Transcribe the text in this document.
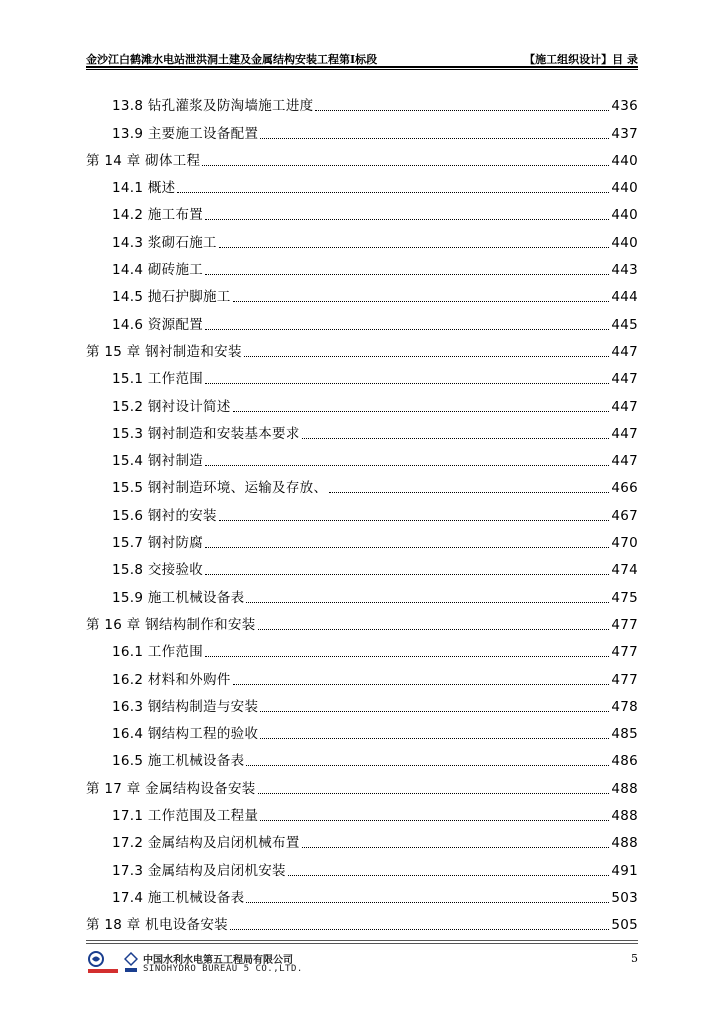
金沙江白鹤滩水电站泄洪洞土建及金属结构安装工程第Ⅰ标段	【施工组织设计】目 录
13.8 钻孔灌浆及防淘墙施工进度	436
13.9 主要施工设备配置	437
第 14 章 砌体工程	440
14.1 概述	440
14.2 施工布置	440
14.3 浆砌石施工	440
14.4 砌砖施工	443
14.5 抛石护脚施工	444
14.6 资源配置	445
第 15 章 钢衬制造和安装	447
15.1 工作范围	447
15.2 钢衬设计简述	447
15.3 钢衬制造和安装基本要求	447
15.4 钢衬制造	447
15.5 钢衬制造环境、运输及存放、	466
15.6 钢衬的安装	467
15.7 钢衬防腐	470
15.8 交接验收	474
15.9 施工机械设备表	475
第 16 章 钢结构制作和安装	477
16.1 工作范围	477
16.2 材料和外购件	477
16.3 钢结构制造与安装	478
16.4 钢结构工程的验收	485
16.5 施工机械设备表	486
第 17 章 金属结构设备安装	488
17.1 工作范围及工程量	488
17.2 金属结构及启闭机械布置	488
17.3 金属结构及启闭机安装	491
17.4 施工机械设备表	503
第 18 章 机电设备安装	505
中国水利水电第五工程局有限公司
SINOHYDRO BUREAU 5 CO.,LTD.
5
